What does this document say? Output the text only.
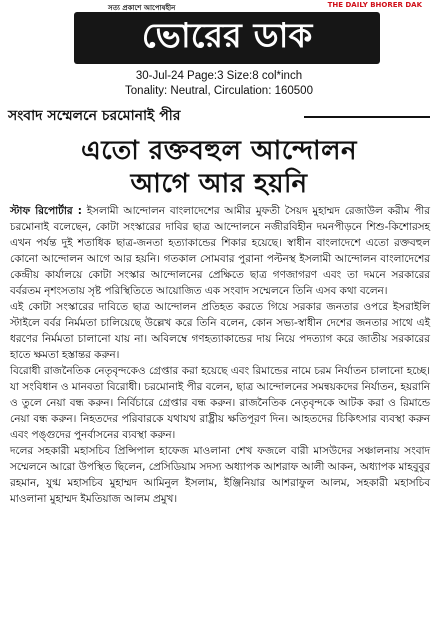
সত্য প্রকাশে আপোষহীন	THE DAILY BHORER DAK
ভোরের ডাক
30-Jul-24 Page:3 Size:8 col*inch
Tonality: Neutral, Circulation: 160500
সংবাদ সম্মেলনে চরমোনাই পীর
এতো রক্তবহুল আন্দোলন
আগে আর হয়নি

স্টাফ রিপোর্টার : ইসলামী আন্দোলন বাংলাদেশের আমীর মুফতী সৈয়দ মুহাম্মদ রেজাউল করীম পীর চরমোনাই বলেছেন, কোটা সংস্কারের দাবির ছাত্র আন্দোলনে নজীরবিহীন দমনপীড়নে শিশু-কিশোরসহ এখন পর্যন্ত দুই শতাধিক ছাত্র-জনতা হত্যাকান্ডের শিকার হয়েছে। স্বাধীন বাংলাদেশে এতো রক্তবহুল কোনো আন্দোলন আগে আর হয়নি। গতকাল সোমবার পুরানা পল্টনস্থ ইসলামী আন্দোলন বাংলাদেশের কেন্দ্রীয় কার্যালয়ে কোটা সংস্কার আন্দোলনের প্রেক্ষিতে ছাত্র গণজাগরণ এবং তা দমনে সরকারের বর্বরতম নৃশংসতায় সৃষ্ট পরিস্থিতিতে আয়োজিত এক সংবাদ সম্মেলনে তিনি এসব কথা বলেন।

এই কোটা সংস্কারের দাবিতে ছাত্র আন্দোলন প্রতিহত করতে গিয়ে সরকার জনতার ওপরে ইসরাইলি স্টাইলে বর্বর নির্মমতা চালিয়েছে উল্লেখ করে তিনি বলেন, কোন সভ্য-স্বাধীন দেশের জনতার সাথে এই ধরণের নির্মমতা চালানো যায় না। অবিলম্বে গণহত্যাকান্ডের দায় নিয়ে পদত্যাগ করে জাতীয় সরকারের হাতে ক্ষমতা হস্তান্তর করুন।

বিরোধী রাজনৈতিক নেতৃবৃন্দকেও গ্রেপ্তার করা হয়েছে এবং রিমান্ডের নামে চরম নির্যাতন চালানো হচ্ছে। যা সংবিধান ও মানবতা বিরোধী। চরমোনাই পীর বলেন, ছাত্র আন্দোলনের সমন্বয়কদের নির্যাতন, হয়রানি ও তুলে নেয়া বন্ধ করুন। নির্বিচারে গ্রেপ্তার বন্ধ করুন। রাজনৈতিক নেতৃবৃন্দকে আটক করা ও রিমান্ডে নেয়া বন্ধ করুন। নিহতদের পরিবারকে যথাযথ রাষ্ট্রীয় ক্ষতিপূরণ দিন। আহতদের চিকিৎসার ব্যবস্থা করুন এবং পঙ্গুদের পুনর্বাসনের ব্যবস্থা করুন।

দলের সহকারী মহাসচিব প্রিন্সিপাল হাফেজ মাওলানা শেখ ফজলে বারী মাসউদের সঞ্চালনায় সংবাদ সম্মেলনে আরো উপস্থিত ছিলেন, প্রেসিডিয়াম সদস্য অধ্যাপক আশরাফ আলী আকন, অধ্যাপক মাহবুবুর রহমান, যুগ্ম মহাসচিব মুহাম্মদ আমিনুল ইসলাম, ইঞ্জিনিয়ার আশরাফুল আলম, সহকারী মহাসচিব মাওলানা মুহাম্মদ ইমতিয়াজ আলম প্রমুখ।
